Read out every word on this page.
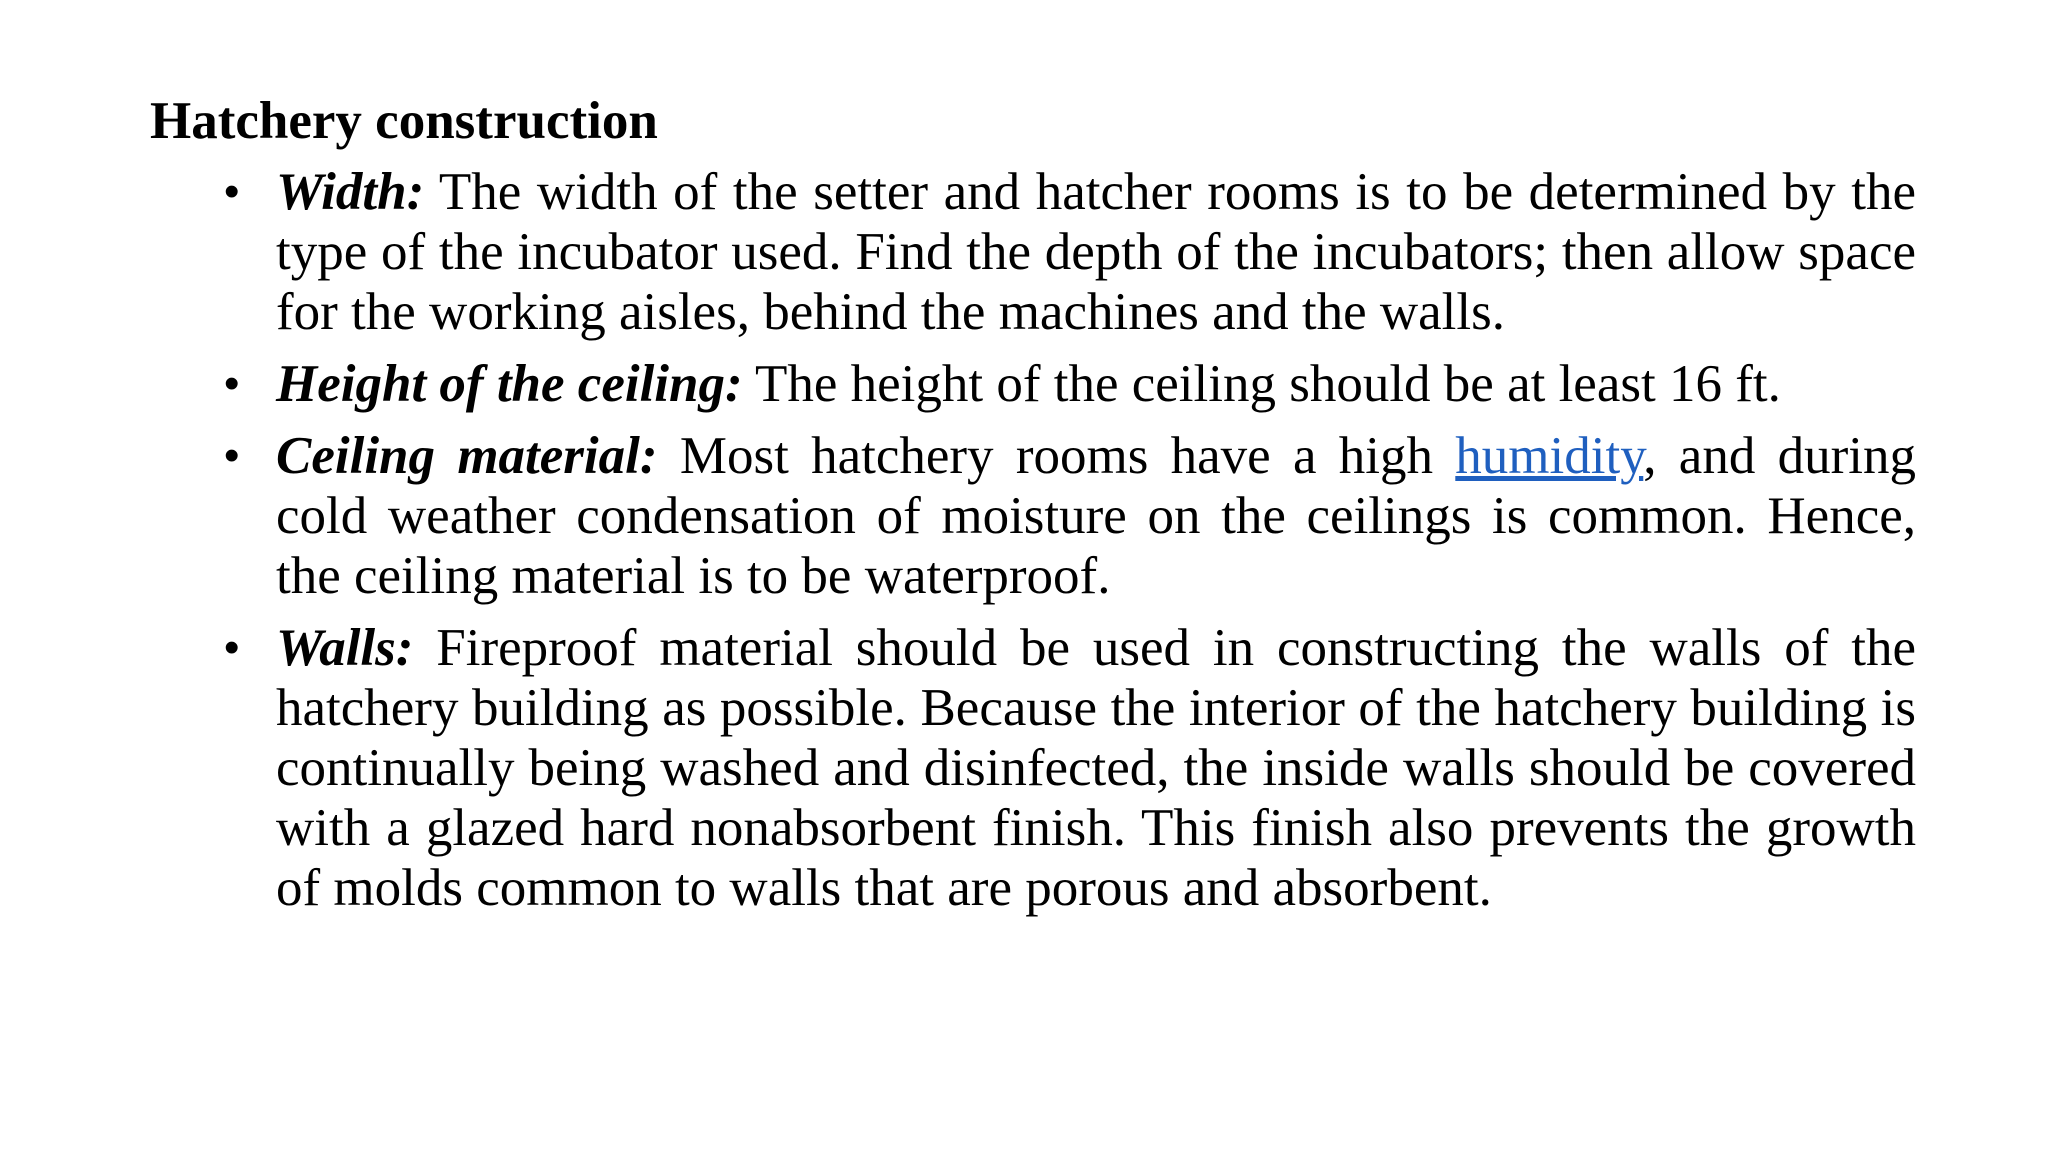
Hatchery construction
• Width: The width of the setter and hatcher rooms is to be determined by the type of the incubator used. Find the depth of the incubators; then allow space for the working aisles, behind the machines and the walls.
• Height of the ceiling: The height of the ceiling should be at least 16 ft.
• Ceiling material: Most hatchery rooms have a high humidity, and during cold weather condensation of moisture on the ceilings is common. Hence, the ceiling material is to be waterproof.
• Walls: Fireproof material should be used in constructing the walls of the hatchery building as possible. Because the interior of the hatchery building is continually being washed and disinfected, the inside walls should be covered with a glazed hard nonabsorbent finish. This finish also prevents the growth of molds common to walls that are porous and absorbent.
